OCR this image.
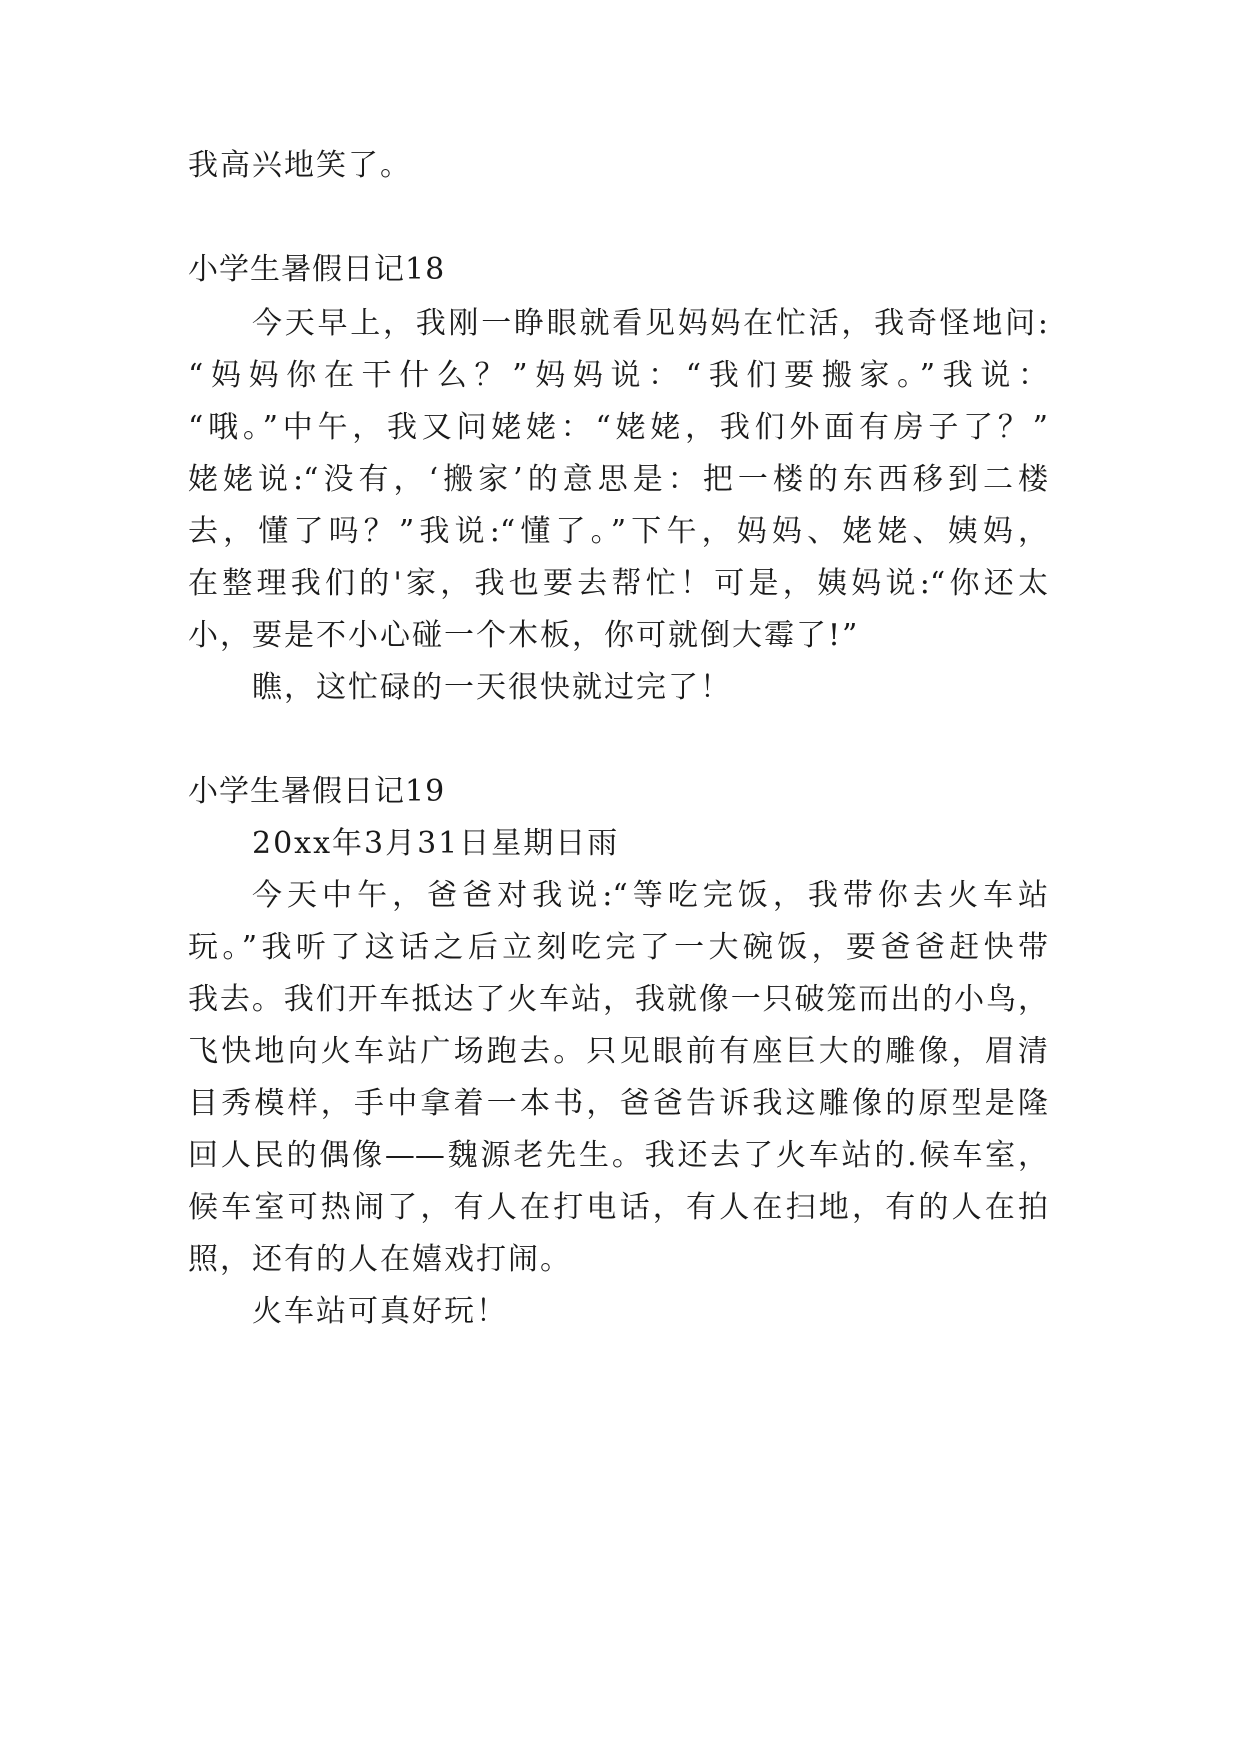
我高兴地笑了。
小学生暑假日记18
今天早上，我刚一睁眼就看见妈妈在忙活，我奇怪地问:
“妈妈你在干什么？”妈妈说：“我们要搬家。”我说：
“哦。”中午，我又问姥姥：“姥姥，我们外面有房子了？”
姥姥说:“没有，‘搬家’的意思是：把一楼的东西移到二楼
去，懂了吗？”我说:“懂了。”下午，妈妈、姥姥、姨妈，
在整理我们的'家，我也要去帮忙！可是，姨妈说:“你还太
小，要是不小心碰一个木板，你可就倒大霉了!”
瞧，这忙碌的一天很快就过完了！
小学生暑假日记19
20xx年3月31日星期日雨
今天中午，爸爸对我说:“等吃完饭，我带你去火车站
玩。”我听了这话之后立刻吃完了一大碗饭，要爸爸赶快带
我去。我们开车抵达了火车站，我就像一只破笼而出的小鸟，
飞快地向火车站广场跑去。只见眼前有座巨大的雕像，眉清
目秀模样，手中拿着一本书，爸爸告诉我这雕像的原型是隆
回人民的偶像——魏源老先生。我还去了火车站的.候车室，
候车室可热闹了，有人在打电话，有人在扫地，有的人在拍
照，还有的人在嬉戏打闹。
火车站可真好玩！
